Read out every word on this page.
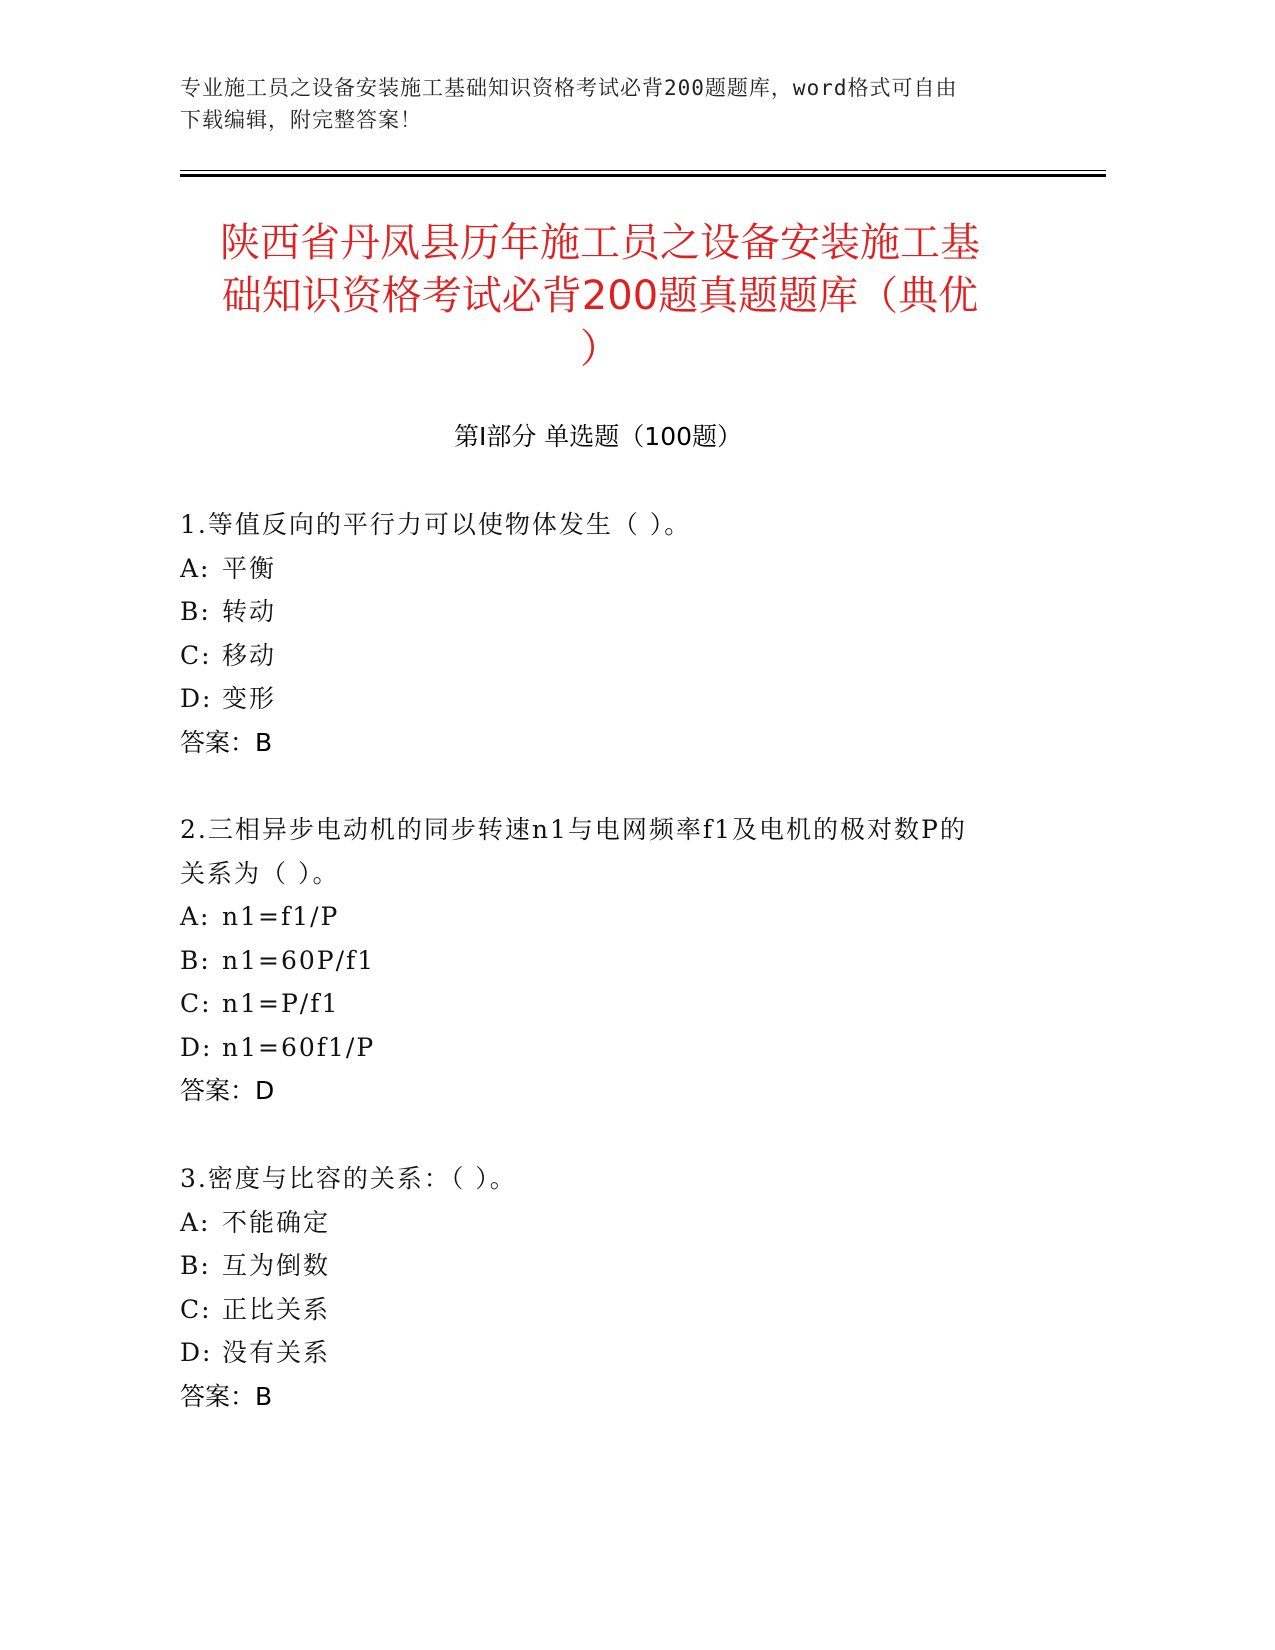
专业施工员之设备安装施工基础知识资格考试必背200题题库，word格式可自由
下载编辑，附完整答案！
陕西省丹凤县历年施工员之设备安装施工基
础知识资格考试必背200题真题题库（典优
）
第Ⅰ部分 单选题（100题）
1.等值反向的平行力可以使物体发生（ ）。
A: 平衡
B: 转动
C: 移动
D: 变形
答案：B
2.三相异步电动机的同步转速n1与电网频率f1及电机的极对数P的
关系为（ ）。
A: n1=f1/P
B: n1=60P/f1
C: n1=P/f1
D: n1=60f1/P
答案：D
3.密度与比容的关系：（ ）。
A: 不能确定
B: 互为倒数
C: 正比关系
D: 没有关系
答案：B
